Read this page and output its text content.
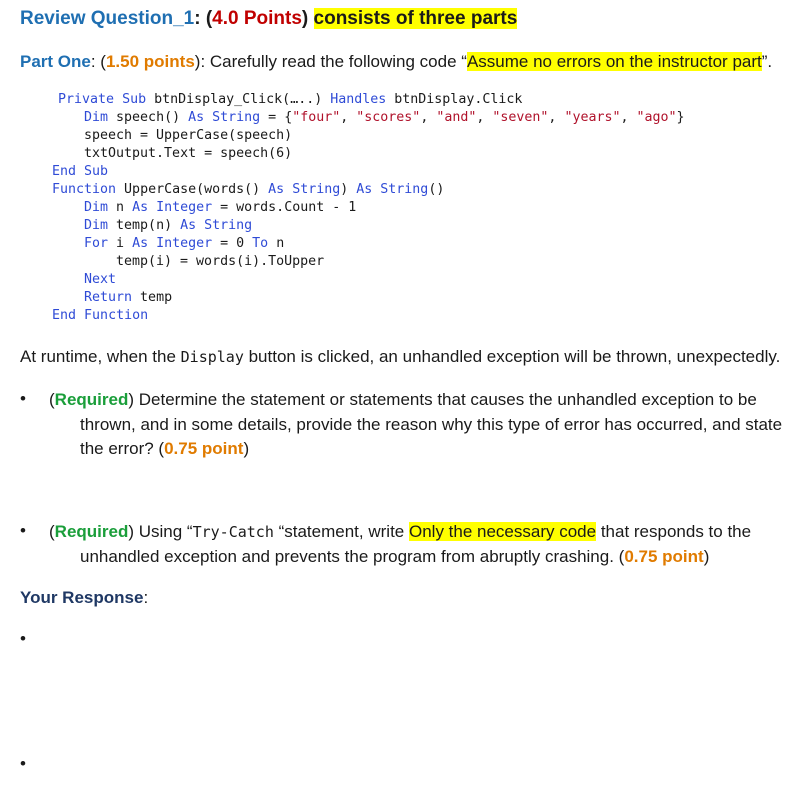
Review Question_1: (4.0 Points) consists of three parts
Part One: (1.50 points): Carefully read the following code “Assume no errors on the instructor part”.
Private Sub btnDisplay_Click(…..) Handles btnDisplay.Click
Dim speech() As String = {"four", "scores", "and", "seven", "years", "ago"}
speech = UpperCase(speech)
txtOutput.Text = speech(6)
End Sub
Function UpperCase(words() As String) As String()
Dim n As Integer = words.Count - 1
Dim temp(n) As String
For i As Integer = 0 To n
temp(i) = words(i).ToUpper
Next
Return temp
End Function
At runtime, when the Display button is clicked, an unhandled exception will be thrown, unexpectedly.
• (Required) Determine the statement or statements that causes the unhandled exception to be
thrown, and in some details, provide the reason why this type of error has occurred, and state
the error? (0.75 point)
• (Required) Using “Try-Catch “statement, write Only the necessary code that responds to the
unhandled exception and prevents the program from abruptly crashing. (0.75 point)
Your Response:
•
•
